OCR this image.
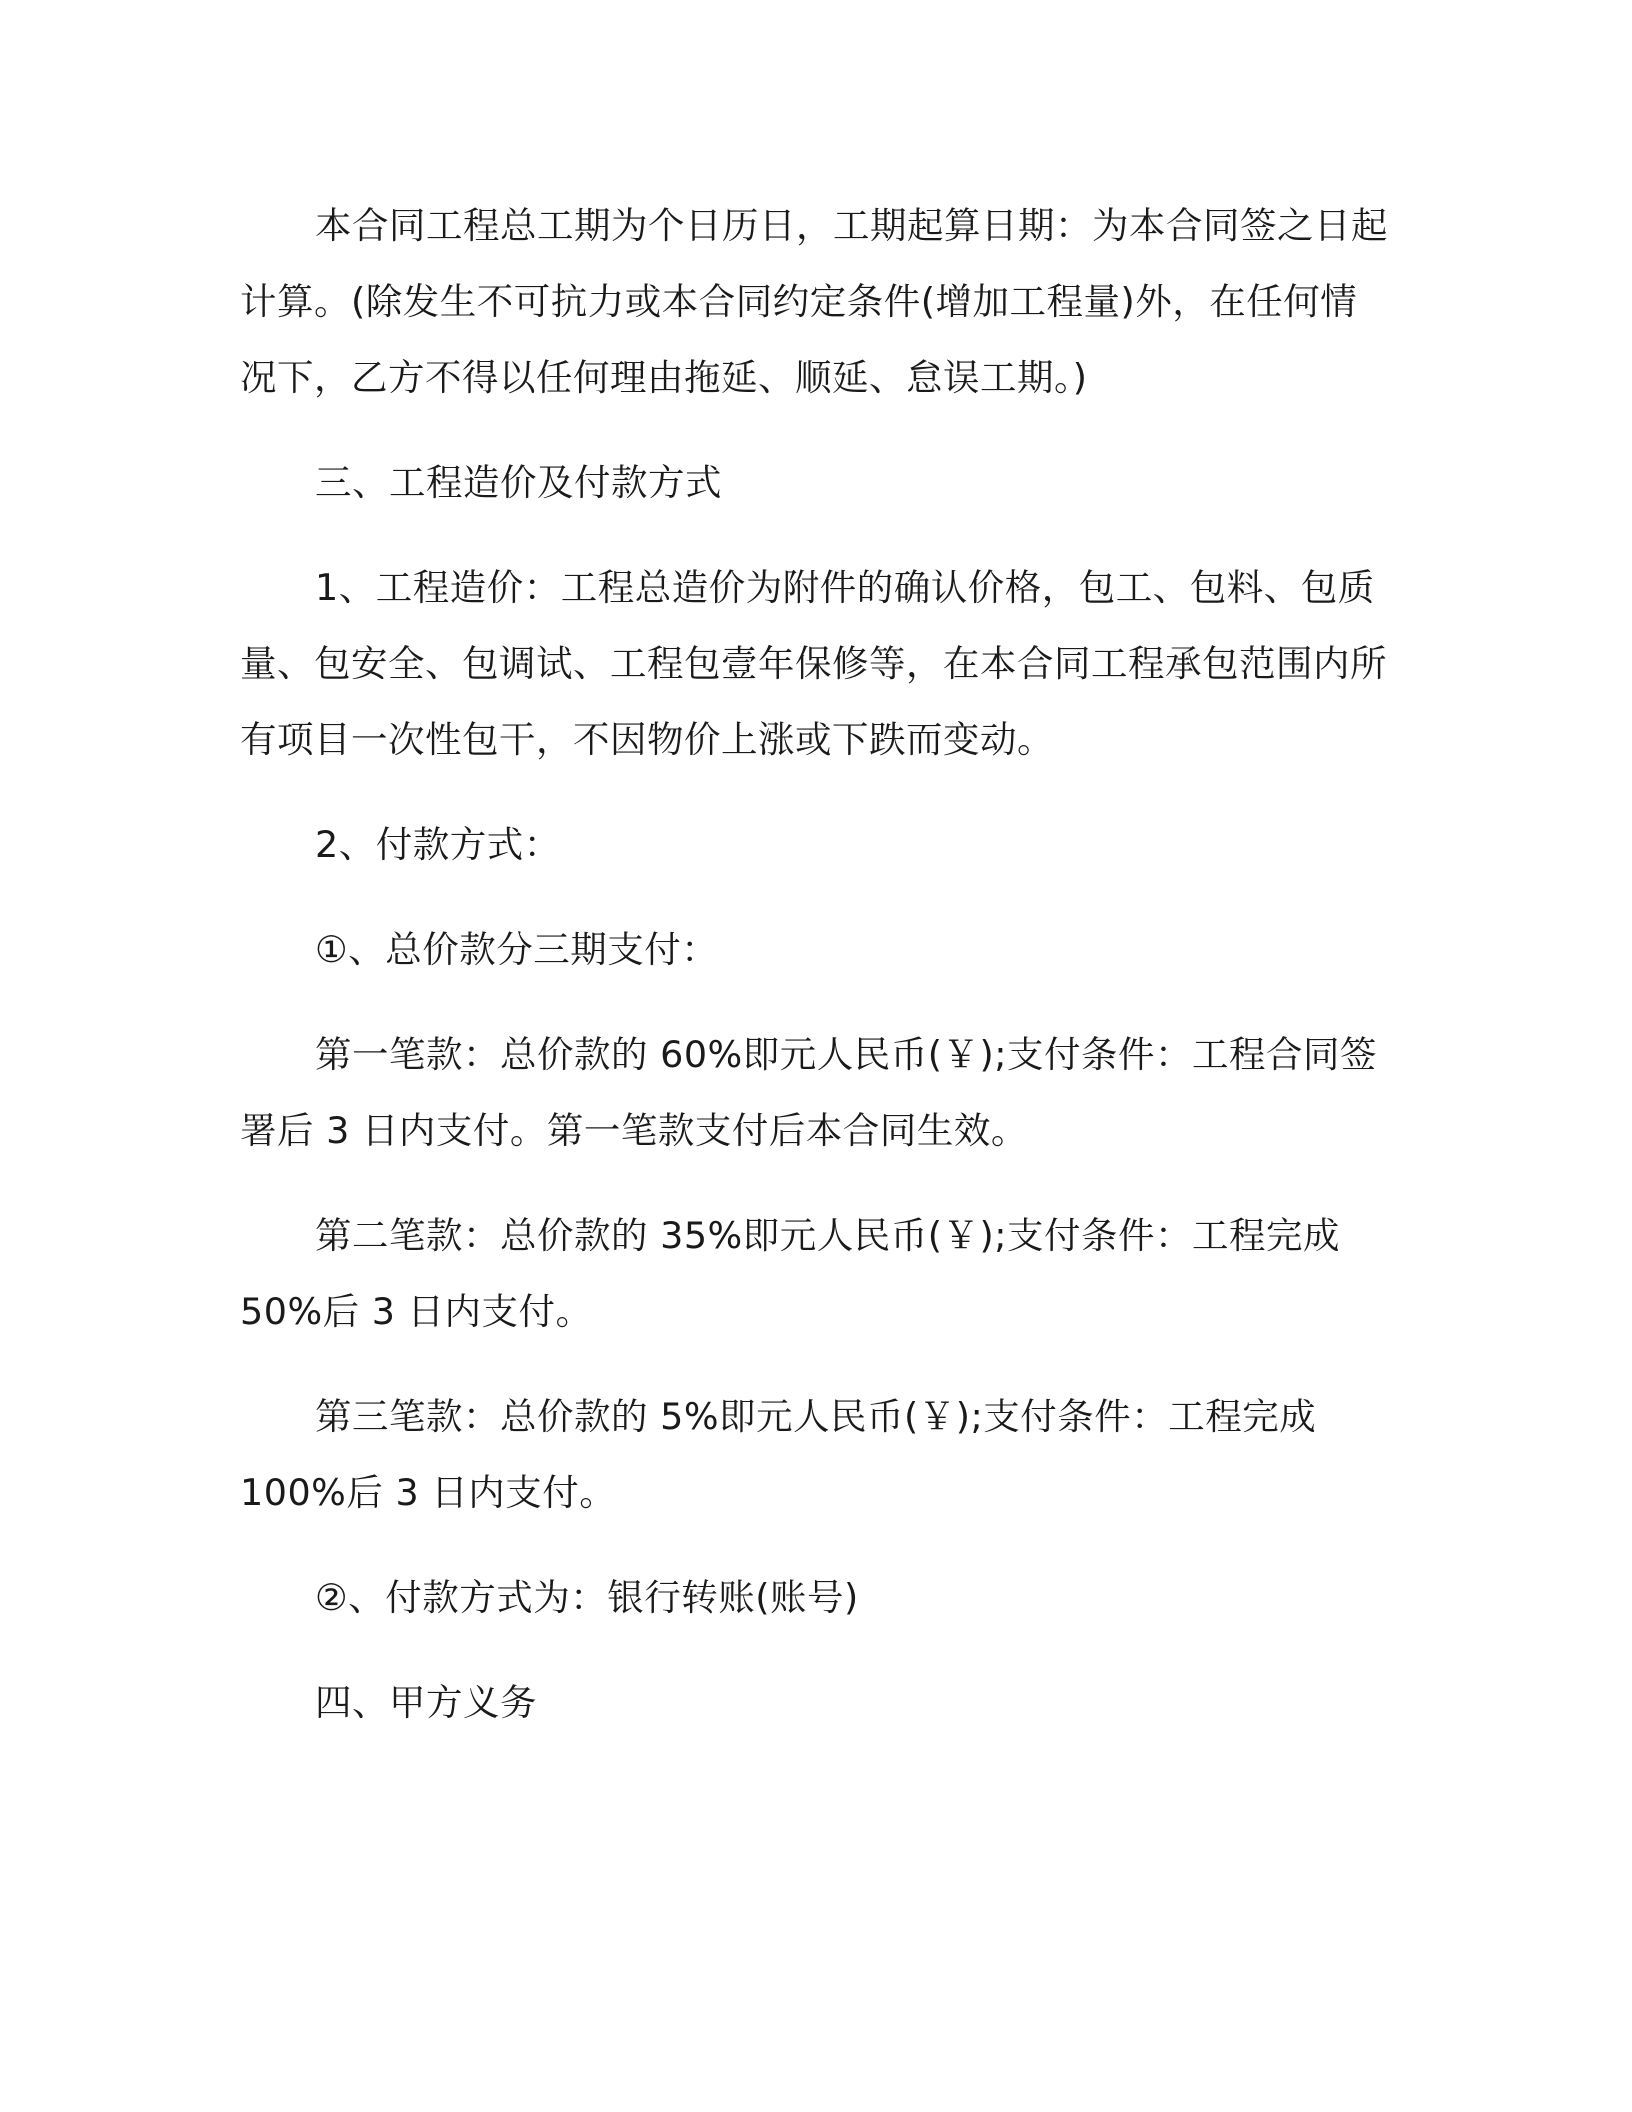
本合同工程总工期为个日历日，工期起算日期：为本合同签之日起计算。(除发生不可抗力或本合同约定条件(增加工程量)外，在任何情况下，乙方不得以任何理由拖延、顺延、怠误工期。)

三、工程造价及付款方式

1、工程造价：工程总造价为附件的确认价格，包工、包料、包质量、包安全、包调试、工程包壹年保修等，在本合同工程承包范围内所有项目一次性包干，不因物价上涨或下跌而变动。

2、付款方式：

①、总价款分三期支付：

第一笔款：总价款的 60%即元人民币(￥);支付条件：工程合同签署后 3 日内支付。第一笔款支付后本合同生效。

第二笔款：总价款的 35%即元人民币(￥);支付条件：工程完成 50%后 3 日内支付。

第三笔款：总价款的 5%即元人民币(￥);支付条件：工程完成 100%后 3 日内支付。

②、付款方式为：银行转账(账号)

四、甲方义务
